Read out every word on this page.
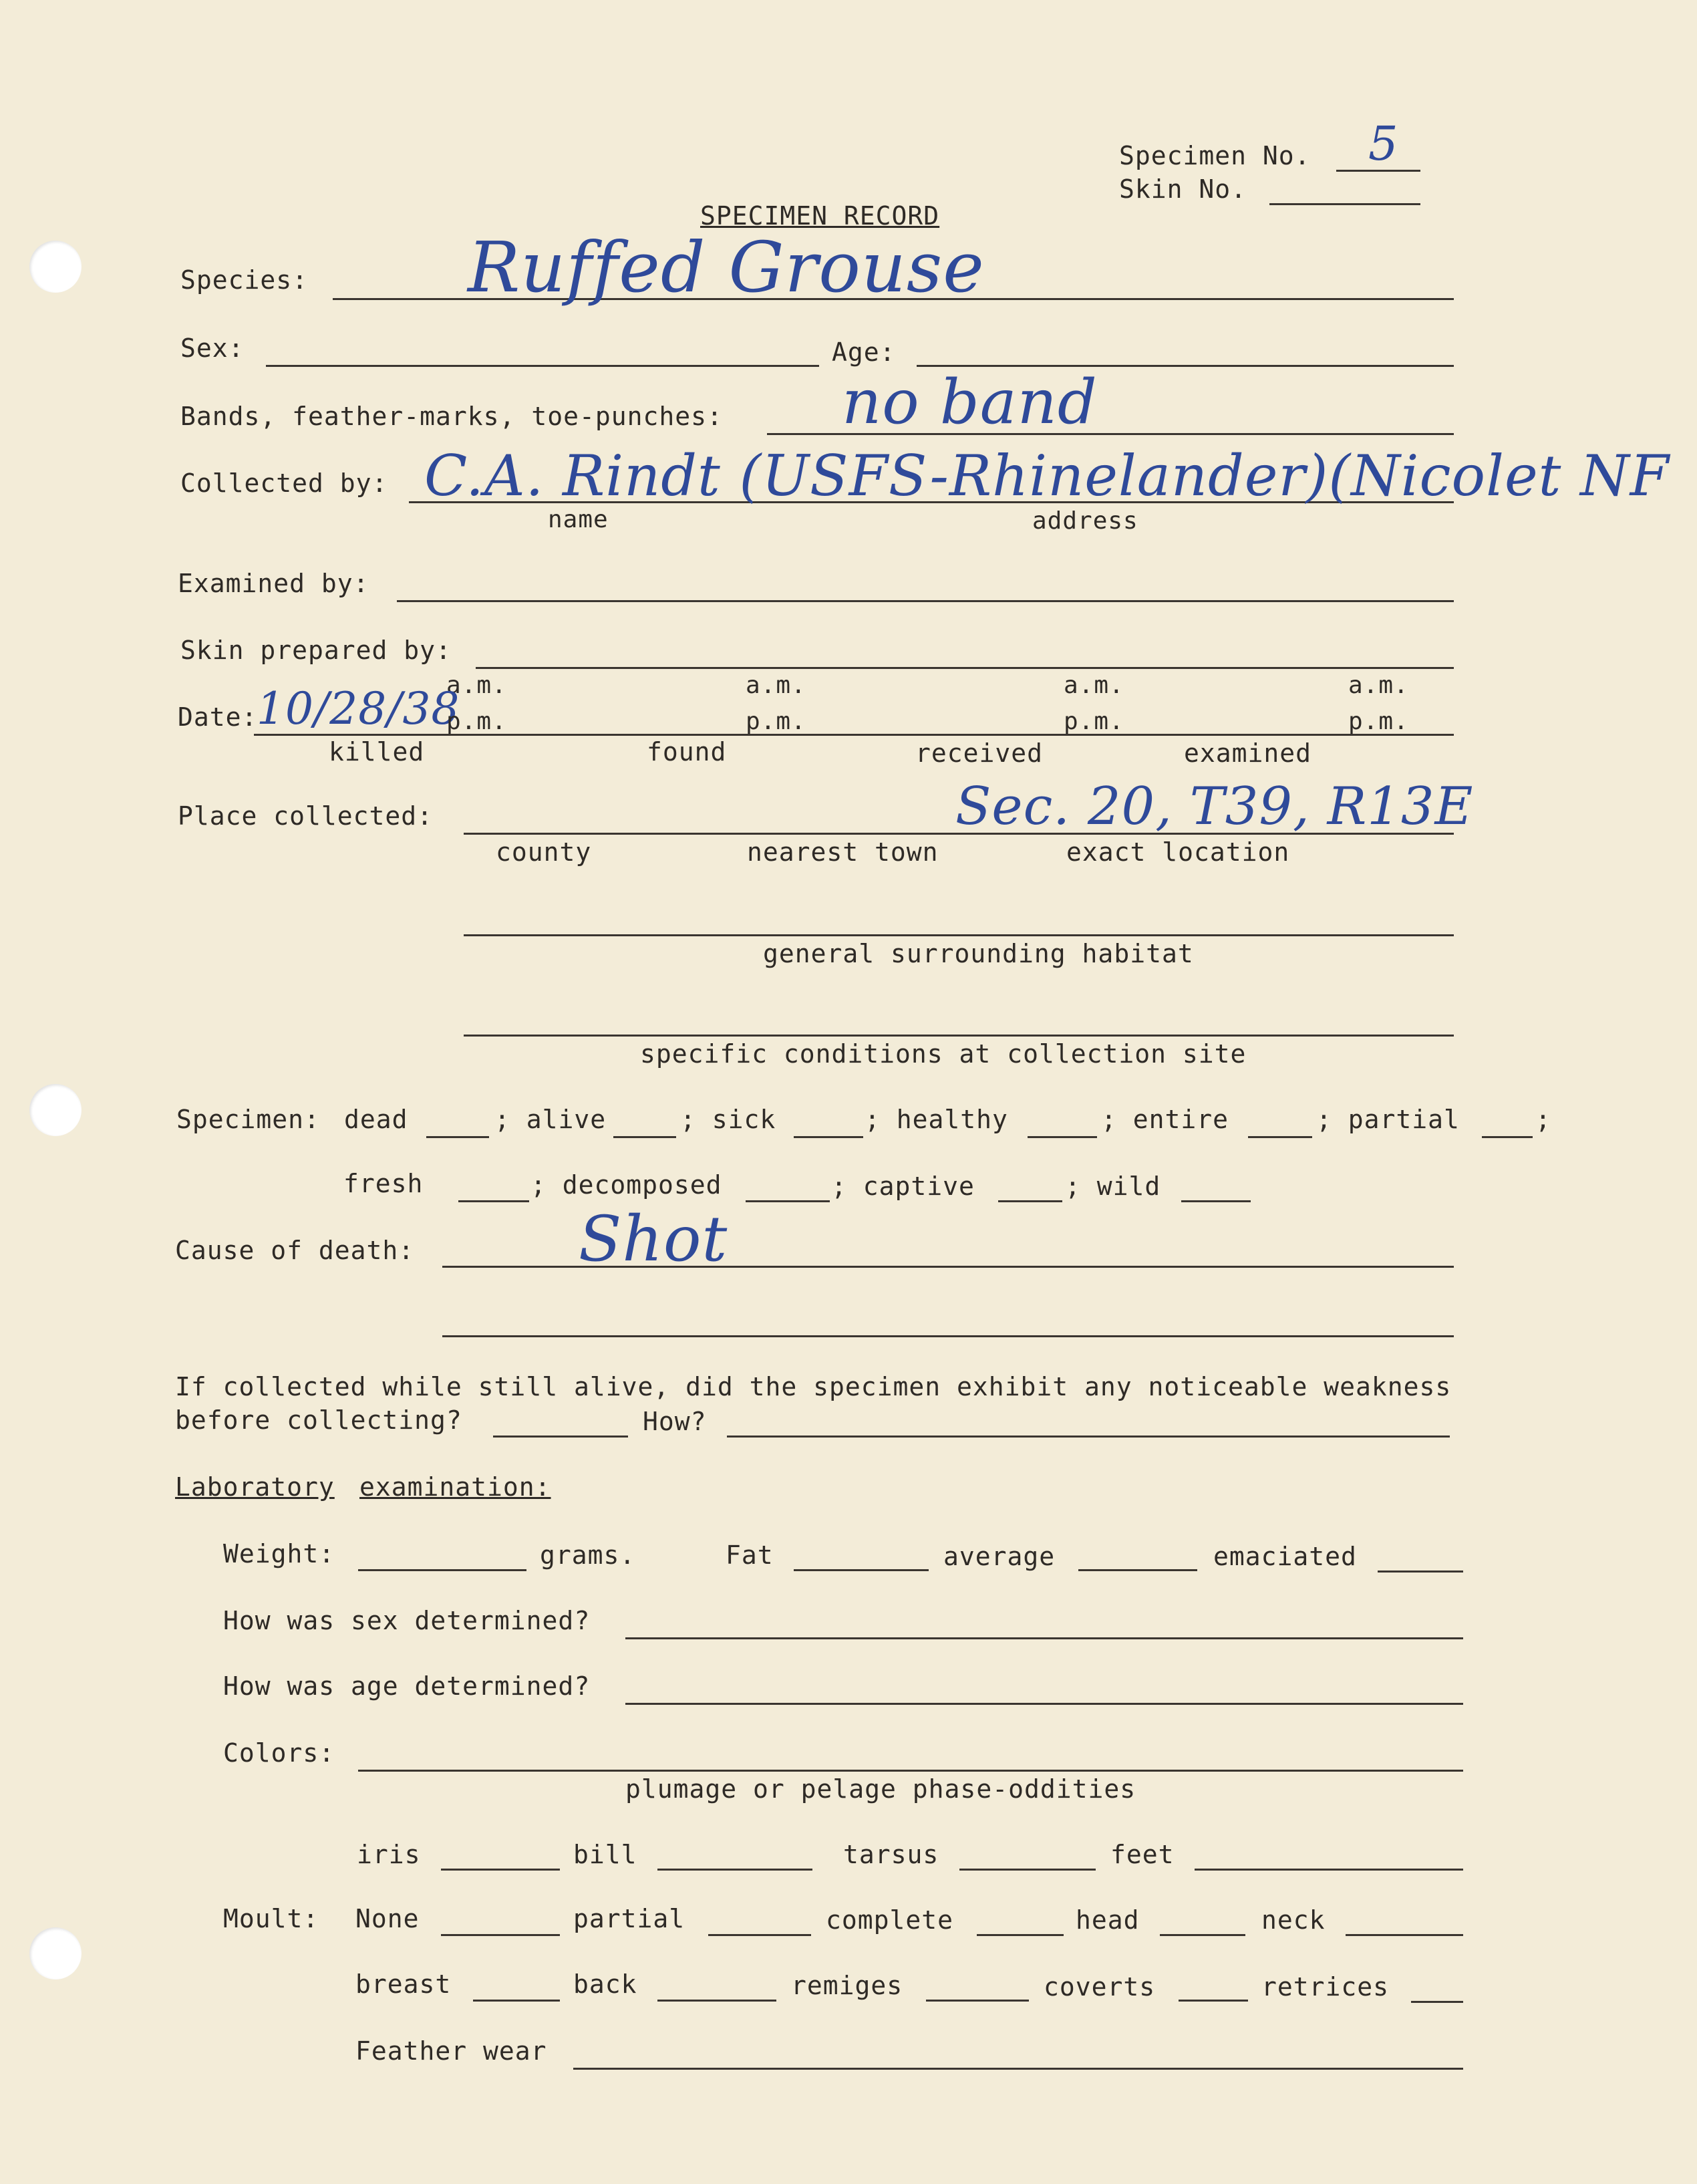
Specimen No. 5
Skin No.
SPECIMEN RECORD
Species: Ruffed Grouse
Sex:	Age:
Bands, feather-marks, toe-punches: no band
Collected by: C.A. Rindt (USFS-Rhinelander)(Nicolet NF
name	address
Examined by:
Skin prepared by:
a.m.	a.m.	a.m.	a.m.
Date:
10/28/38
p.m.	p.m.	p.m.	p.m.
killed	found	received	examined
Place collected:	Sec. 20, T39, R13E
county	nearest town	exact location
general surrounding habitat
specific conditions at collection site
Specimen: dead	; alive	; sick	; healthy	; entire	; partial	;
fresh	; decomposed	; captive	; wild
Cause of death:	Shot
If collected while still alive, did the specimen exhibit any noticeable weakness
before collecting?	How?
Laboratory examination:
Weight:	grams.	Fat	average	emaciated
How was sex determined?
How was age determined?
Colors:
plumage or pelage phase-oddities
iris	bill	tarsus	feet
Moult: None	partial	complete	head	neck
breast	back	remiges	coverts	retrices
Feather wear
